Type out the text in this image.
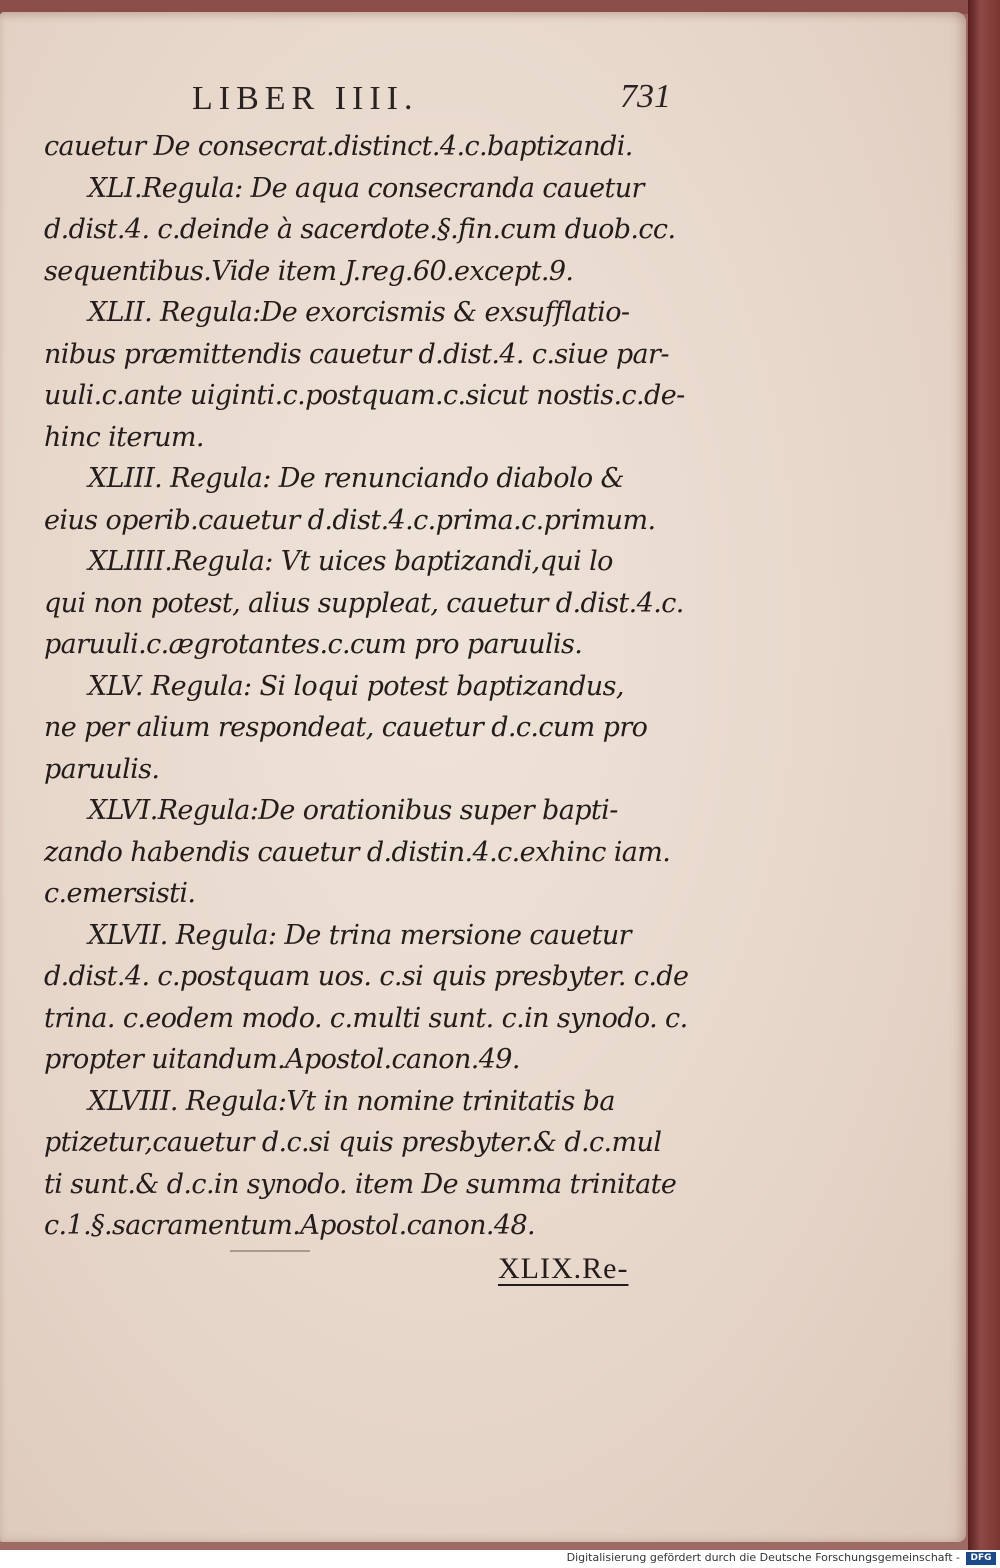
LIBER IIII.	731
cauetur De consecrat.distinct.4.c.baptizandi.
XLI.Regula: De aqua consecranda cauetur
d.dist.4. c.deinde à sacerdote.§.fin.cum duob.cc.
sequentibus.Vide item J.reg.60.except.9.
XLII. Regula:De exorcismis & exsufflatio-
nibus præmittendis cauetur d.dist.4. c.siue par-
uuli.c.ante uiginti.c.postquam.c.sicut nostis.c.de-
hinc iterum.
XLIII. Regula: De renunciando diabolo &
eius operib.cauetur d.dist.4.c.prima.c.primum.
XLIIII.Regula: Vt uices baptizandi,qui lo
qui non potest, alius suppleat, cauetur d.dist.4.c.
paruuli.c.ægrotantes.c.cum pro paruulis.
XLV. Regula: Si loqui potest baptizandus,
ne per alium respondeat, cauetur d.c.cum pro
paruulis.
XLVI.Regula:De orationibus super bapti-
zando habendis cauetur d.distin.4.c.exhinc iam.
c.emersisti.
XLVII. Regula: De trina mersione cauetur
d.dist.4. c.postquam uos. c.si quis presbyter. c.de
trina. c.eodem modo. c.multi sunt. c.in synodo. c.
propter uitandum.Apostol.canon.49.
XLVIII. Regula:Vt in nomine trinitatis ba
ptizetur,cauetur d.c.si quis presbyter.& d.c.mul
ti sunt.& d.c.in synodo. item De summa trinitate
c.1.§.sacramentum.Apostol.canon.48.
XLIX.Re-
Digitalisierung gefördert durch die Deutsche Forschungsgemeinschaft -	DFG
